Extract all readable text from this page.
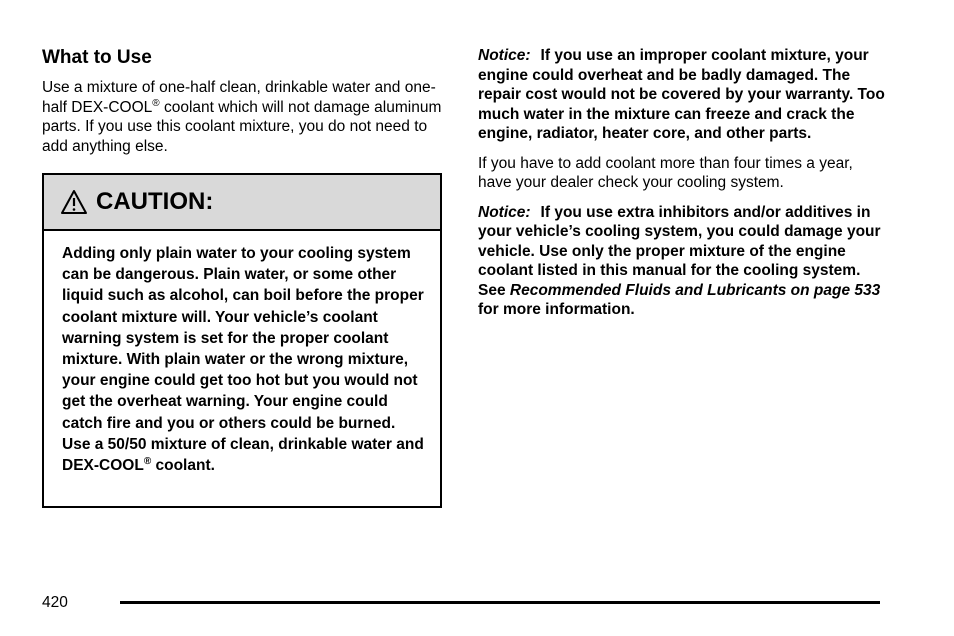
What to Use

Use a mixture of one-half clean, drinkable water and one-half DEX-COOL® coolant which will not damage aluminum parts. If you use this coolant mixture, you do not need to add anything else.

CAUTION:
Adding only plain water to your cooling system can be dangerous. Plain water, or some other liquid such as alcohol, can boil before the proper coolant mixture will. Your vehicle’s coolant warning system is set for the proper coolant mixture. With plain water or the wrong mixture, your engine could get too hot but you would not get the overheat warning. Your engine could catch fire and you or others could be burned. Use a 50/50 mixture of clean, drinkable water and DEX-COOL® coolant.

Notice: If you use an improper coolant mixture, your engine could overheat and be badly damaged. The repair cost would not be covered by your warranty. Too much water in the mixture can freeze and crack the engine, radiator, heater core, and other parts.

If you have to add coolant more than four times a year, have your dealer check your cooling system.

Notice: If you use extra inhibitors and/or additives in your vehicle’s cooling system, you could damage your vehicle. Use only the proper mixture of the engine coolant listed in this manual for the cooling system. See Recommended Fluids and Lubricants on page 533 for more information.

420
